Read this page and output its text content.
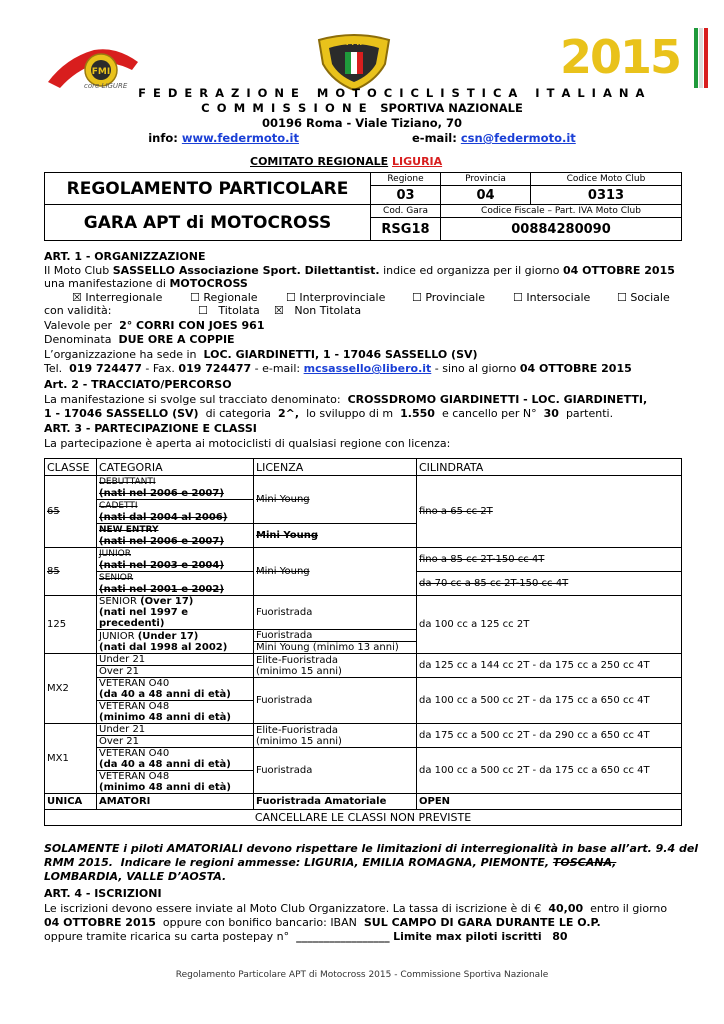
FMI
core LIGURE
FMI	2015
F E D E R A Z I O N E   M O T O C I C L I S T I C A   I T A L I A N A
C O M M I S S I O N E SPORTIVA NAZIONALE
00196 Roma - Viale Tiziano, 70
info: www.federmoto.it	e-mail: csn@federmoto.it
COMITATO REGIONALE LIGURIA
REGOLAMENTO PARTICOLARE	Regione	Provincia	Codice Moto Club
	03	04	0313
GARA APT di MOTOCROSS	Cod. Gara	Codice Fiscale – Part. IVA Moto Club	
	RSG18	00884280090	
ART. 1 - ORGANIZZAZIONE
Il Moto Club SASSELLO Associazione Sport. Dilettantist. indice ed organizza per il giorno 04 OTTOBRE 2015
una manifestazione di MOTOCROSS
☒ Interregionale	☐ Regionale	☐ Interprovinciale ☐ Provinciale	☐ Intersociale ☐ Sociale
con validità:	☐   Titolata ☒   Non Titolata
Valevole per 2° CORRI CON JOES 961
Denominata DUE ORE A COPPIE
L’organizzazione ha sede in LOC. GIARDINETTI, 1 - 17046 SASSELLO (SV)
Tel. 019 724477 - Fax. 019 724477 - e-mail: mcsassello@libero.it - sino al giorno 04 OTTOBRE 2015
Art. 2 - TRACCIATO/PERCORSO
La manifestazione si svolge sul tracciato denominato: CROSSDROMO GIARDINETTI - LOC. GIARDINETTI,
1 - 17046 SASSELLO (SV) di categoria 2^, lo sviluppo di m 1.550 e cancello per N° 30 partenti.
ART. 3 - PARTECIPAZIONE E CLASSI
La partecipazione è aperta ai motociclisti di qualsiasi regione con licenza:
CLASSE	CATEGORIA	LICENZA	CILINDRATA
65	DEBUTTANTI
(nati nel 2006 e 2007)	Mini Young	fino a 65 cc 2T
	CADETTI
(nati dal 2004 al 2006)		
	NEW ENTRY
(nati nel 2006 e 2007)	Mini Young	
85	JUNIOR
(nati nel 2003 e 2004)	Mini Young	fino a 85 cc 2T-150 cc 4T
	SENIOR
(nati nel 2001 e 2002)		da 70 cc a 85 cc 2T-150 cc 4T
125	SENIOR (Over 17)
(nati nel 1997 e
precedenti)	Fuoristrada	da 100 cc a 125 cc 2T
	JUNIOR (Under 17)
(nati dal 1998 al 2002)	Fuoristrada	
		Mini Young (minimo 13 anni)	
MX2	Under 21	Elite-Fuoristrada
(minimo 15 anni)	da 125 cc a 144 cc 2T - da 175 cc a 250 cc 4T
	Over 21		
	VETERAN O40
(da 40 a 48 anni di età)	Fuoristrada	da 100 cc a 500 cc 2T - da 175 cc a 650 cc 4T
	VETERAN O48
(minimo 48 anni di età)		
MX1	Under 21	Elite-Fuoristrada
(minimo 15 anni)	da 175 cc a 500 cc 2T - da 290 cc a 650 cc 4T
	Over 21		
	VETERAN O40
(da 40 a 48 anni di età)	Fuoristrada	da 100 cc a 500 cc 2T - da 175 cc a 650 cc 4T
	VETERAN O48
(minimo 48 anni di età)		
UNICA	AMATORI	Fuoristrada Amatoriale	OPEN
CANCELLARE LE CLASSI NON PREVISTE			
SOLAMENTE i piloti AMATORIALI devono rispettare le limitazioni di interregionalità in base all’art. 9.4 del
RMM 2015.  Indicare le regioni ammesse: LIGURIA, EMILIA ROMAGNA, PIEMONTE, TOSCANA,
LOMBARDIA, VALLE D’AOSTA.
ART. 4 - ISCRIZIONI
Le iscrizioni devono essere inviate al Moto Club Organizzatore. La tassa di iscrizione è di € 40,00 entro il giorno
04 OTTOBRE 2015 oppure con bonifico bancario: IBAN SUL CAMPO DI GARA DURANTE LE O.P.
oppure tramite ricarica su carta postepay n° _________________ Limite max piloti iscritti 80
Regolamento Particolare APT di Motocross 2015 - Commissione Sportiva Nazionale
